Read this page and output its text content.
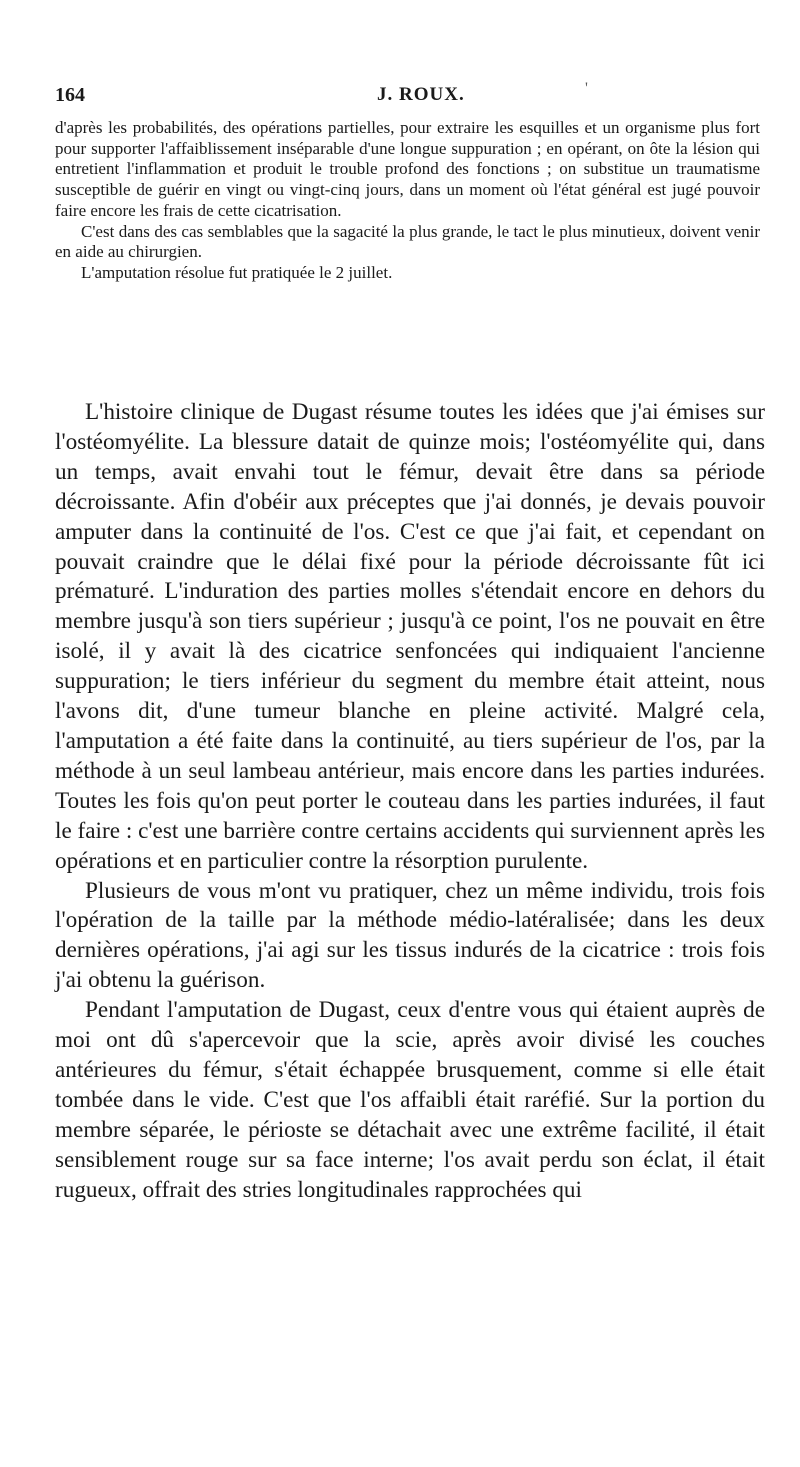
164	J. ROUX.	'

d'après les probabilités, des opérations partielles, pour extraire les esquilles et un organisme plus fort pour supporter l'affaiblissement inséparable d'une longue suppuration ; en opérant, on ôte la lésion qui entretient l'inflammation et produit le trouble profond des fonctions ; on substitue un traumatisme susceptible de guérir en vingt ou vingt-cinq jours, dans un moment où l'état général est jugé pouvoir faire encore les frais de cette cicatrisation.

C'est dans des cas semblables que la sagacité la plus grande, le tact le plus minutieux, doivent venir en aide au chirurgien.

L'amputation résolue fut pratiquée le 2 juillet.

L'histoire clinique de Dugast résume toutes les idées que j'ai émises sur l'ostéomyélite. La blessure datait de quinze mois; l'ostéomyélite qui, dans un temps, avait envahi tout le fémur, devait être dans sa période décroissante. Afin d'obéir aux préceptes que j'ai donnés, je devais pouvoir amputer dans la continuité de l'os. C'est ce que j'ai fait, et cependant on pouvait craindre que le délai fixé pour la période décroissante fût ici prématuré. L'induration des parties molles s'étendait encore en dehors du membre jusqu'à son tiers supérieur ; jusqu'à ce point, l'os ne pouvait en être isolé, il y avait là des cicatrice senfoncées qui indiquaient l'ancienne suppuration; le tiers inférieur du segment du membre était atteint, nous l'avons dit, d'une tumeur blanche en pleine activité. Malgré cela, l'amputation a été faite dans la continuité, au tiers supérieur de l'os, par la méthode à un seul lambeau antérieur, mais encore dans les parties indurées. Toutes les fois qu'on peut porter le couteau dans les parties indurées, il faut le faire : c'est une barrière contre certains accidents qui surviennent après les opérations et en particulier contre la résorption purulente.

Plusieurs de vous m'ont vu pratiquer, chez un même individu, trois fois l'opération de la taille par la méthode médio-latéralisée; dans les deux dernières opérations, j'ai agi sur les tissus indurés de la cicatrice : trois fois j'ai obtenu la guérison.

Pendant l'amputation de Dugast, ceux d'entre vous qui étaient auprès de moi ont dû s'apercevoir que la scie, après avoir divisé les couches antérieures du fémur, s'était échappée brusquement, comme si elle était tombée dans le vide. C'est que l'os affaibli était raréfié. Sur la portion du membre séparée, le périoste se détachait avec une extrême facilité, il était sensiblement rouge sur sa face interne; l'os avait perdu son éclat, il était rugueux, offrait des stries longitudinales rapprochées qui
